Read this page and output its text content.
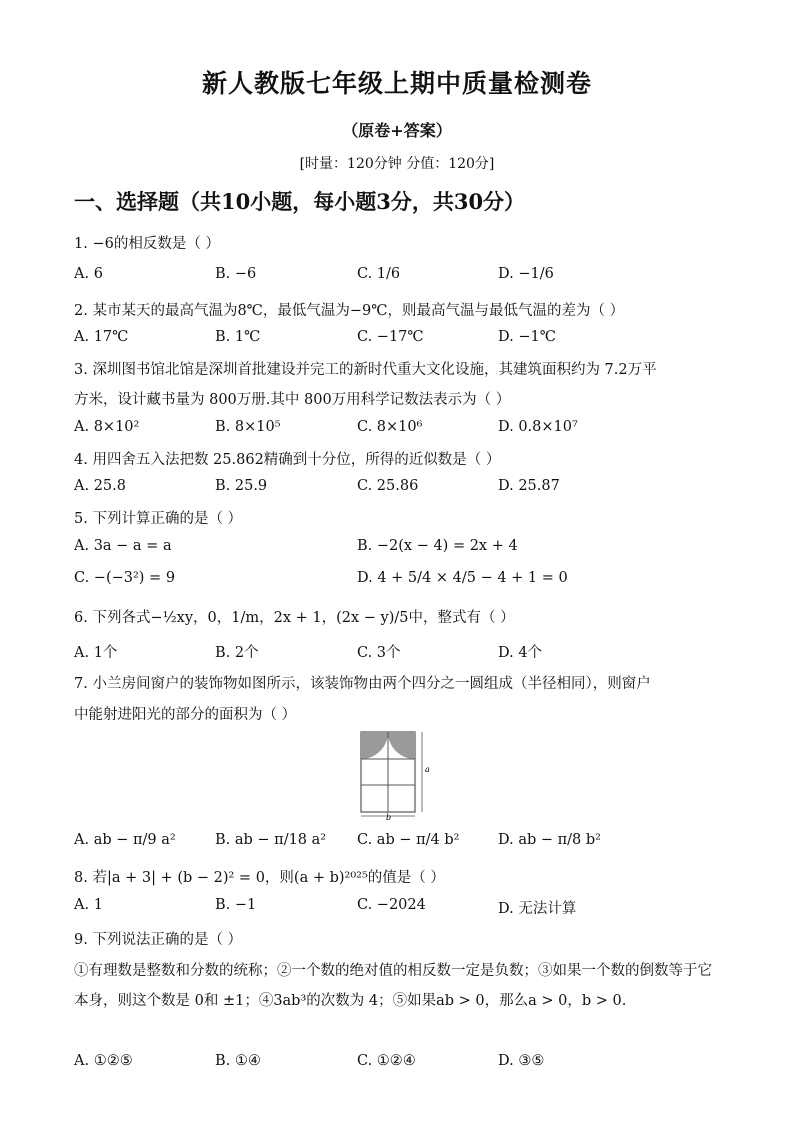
新人教版七年级上期中质量检测卷
（原卷+答案）
[时量：120分钟 分值：120分]
一、选择题（共10小题，每小题3分，共30分）
1. −6的相反数是（ ）
A. 6	B. −6	C. 1/6	D. −1/6
2. 某市某天的最高气温为8℃，最低气温为−9℃，则最高气温与最低气温的差为（ ）
A. 17℃	B. 1℃	C. −17℃	D. −1℃
3. 深圳图书馆北馆是深圳首批建设并完工的新时代重大文化设施，其建筑面积约为 7.2万平
方米，设计藏书量为 800万册.其中 800万用科学记数法表示为（ ）
A. 8×10²	B. 8×10⁵	C. 8×10⁶	D. 0.8×10⁷
4. 用四舍五入法把数 25.862精确到十分位，所得的近似数是（ ）
A. 25.8	B. 25.9	C. 25.86	D. 25.87
5. 下列计算正确的是（ ）
A. 3a − a = a	B. −2(x − 4) = 2x + 4
C. −(−3²) = 9	D. 4 + 5/4 × 4/5 − 4 + 1 = 0
6. 下列各式−½xy，0，1/m，2x + 1，(2x − y)/5中，整式有（ ）
A. 1个	B. 2个	C. 3个	D. 4个
7. 小兰房间窗户的装饰物如图所示，该装饰物由两个四分之一圆组成（半径相同），则窗户
中能射进阳光的部分的面积为（ ）
a
b
A. ab − π/9 a²	B. ab − π/18 a² C. ab − π/4 b²	D. ab − π/8 b²
8. 若|a + 3| + (b − 2)² = 0，则(a + b)²⁰²⁵的值是（ ）
A. 1	B. −1	C. −2024	D. 无法计算
9. 下列说法正确的是（ ）
①有理数是整数和分数的统称；②一个数的绝对值的相反数一定是负数；③如果一个数的倒数等于它本身，则这个数是 0和 ±1；④3ab³的次数为 4；⑤如果ab > 0，那么a > 0，b > 0.
A. ①②⑤	B. ①④	C. ①②④	D. ③⑤
